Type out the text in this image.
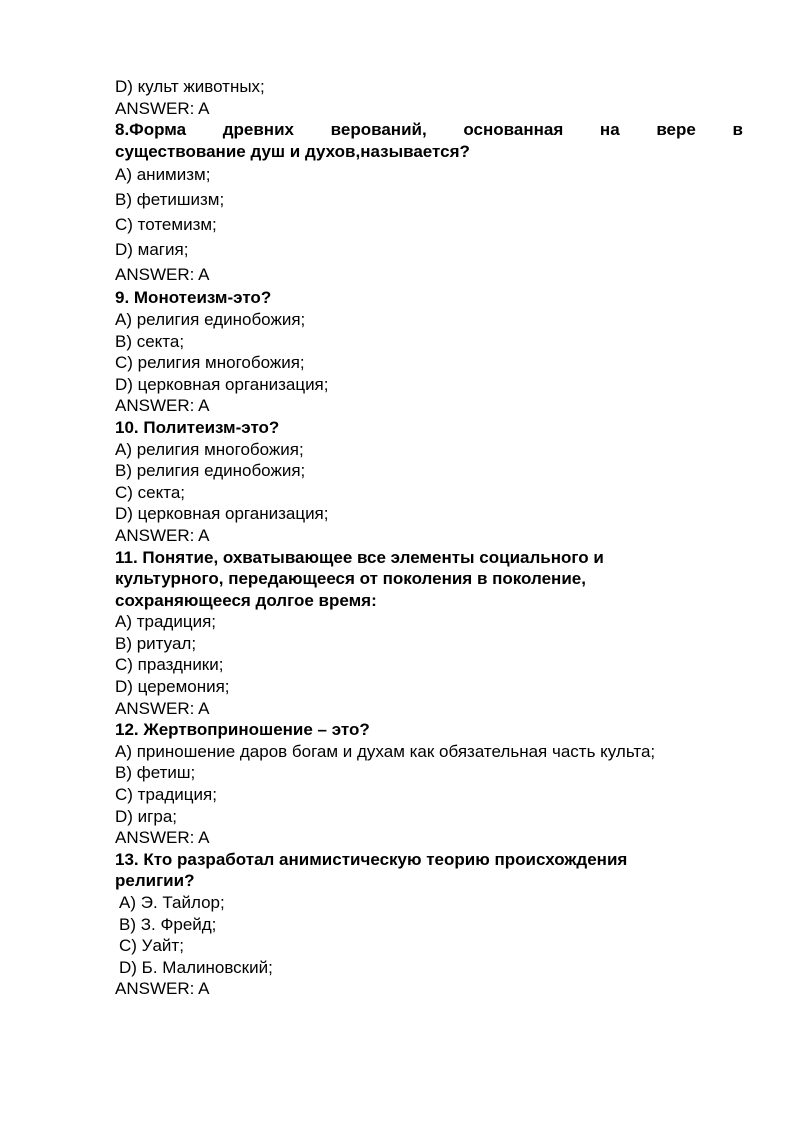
D) культ животных;
ANSWER: A
8.Форма древних верований, основанная на вере в
существование душ и духов,называется?
A) анимизм;
B) фетишизм;
C) тотемизм;
D) магия;
ANSWER: A
9. Монотеизм-это?
A) религия единобожия;
B) секта;
C) религия многобожия;
D) церковная организация;
ANSWER: A
10. Политеизм-это?
A) религия многобожия;
B) религия единобожия;
C) секта;
D) церковная организация;
ANSWER: A
11. Понятие, охватывающее все элементы социального и
культурного, передающееся от поколения в поколение,
сохраняющееся долгое время:
A) традиция;
B) ритуал;
C) праздники;
D) церемония;
ANSWER: A
12. Жертвоприношение – это?
A) приношение даров богам и духам как обязательная часть культа;
B) фетиш;
C) традиция;
D) игра;
ANSWER: A
13. Кто разработал анимистическую теорию происхождения
религии?
A) Э. Тайлор;
B) З. Фрейд;
C) Уайт;
D) Б. Малиновский;
ANSWER: A
